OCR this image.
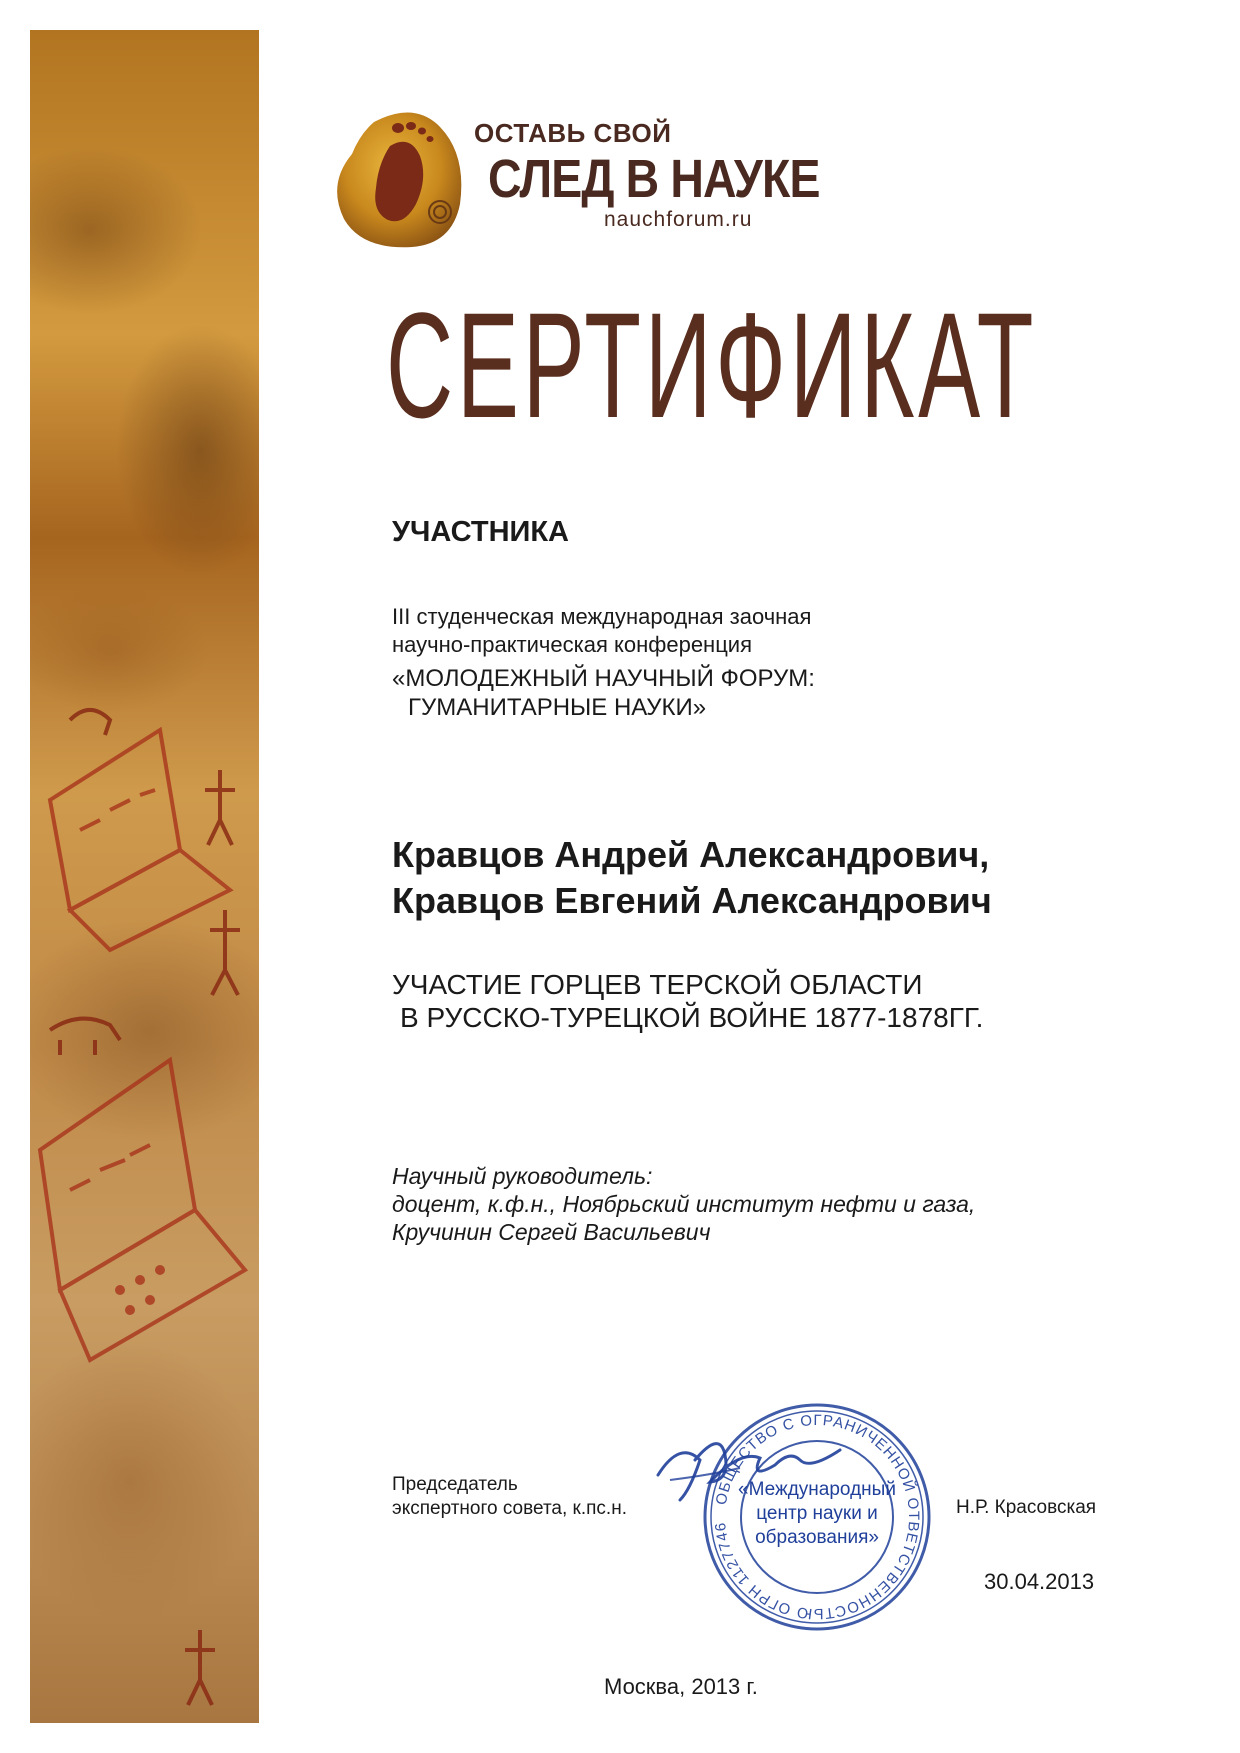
ОСТАВЬ СВОЙ
СЛЕД В НАУКЕ
nauchforum.ru
СЕРТИФИКАТ
УЧАСТНИКА
III студенческая международная заочная
научно-практическая конференция
«МОЛОДЕЖНЫЙ НАУЧНЫЙ ФОРУМ:
ГУМАНИТАРНЫЕ НАУКИ»
Кравцов Андрей Александрович,
Кравцов Евгений Александрович
УЧАСТИЕ ГОРЦЕВ ТЕРСКОЙ ОБЛАСТИ
В РУССКО-ТУРЕЦКОЙ ВОЙНЕ 1877-1878ГГ.
Научный руководитель:
доцент, к.ф.н., Ноябрьский институт нефти и газа,
Кручинин Сергей Васильевич
Председатель
экспертного совета, к.пс.н.	ОБЩЕСТВО С ОГРАНИЧЕННОЙ ОТВЕТСТВЕННОСТЬЮ ОГРН 1127746
«Международный
центр науки и
образования»
Н.Р. Красовская
30.04.2013
Москва, 2013 г.
